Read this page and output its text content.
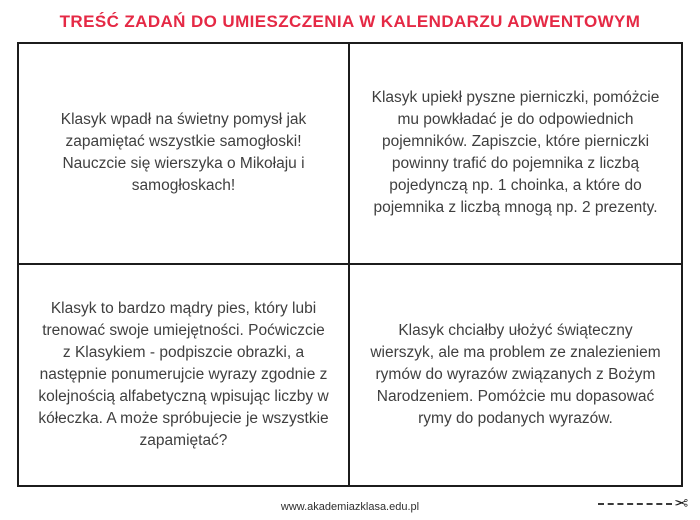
TREŚĆ ZADAŃ DO UMIESZCZENIA W KALENDARZU ADWENTOWYM
Klasyk wpadł na świetny pomysł jak zapamiętać wszystkie samogłoski! Nauczcie się wierszyka o Mikołaju i samogłoskach!
Klasyk upiekł pyszne pierniczki, pomóżcie mu powkładać je do odpowiednich pojemników. Zapiszcie, które pierniczki powinny trafić do pojemnika z liczbą pojedynczą np. 1 choinka, a które do pojemnika z liczbą mnogą np. 2 prezenty.
Klasyk to bardzo mądry pies, który lubi trenować swoje umiejętności. Poćwiczcie z Klasykiem - podpiszcie obrazki, a następnie ponumerujcie wyrazy zgodnie z kolejnością alfabetyczną wpisując liczby w kółeczka. A może spróbujecie je wszystkie zapamiętać?
Klasyk chciałby ułożyć świąteczny wierszyk, ale ma problem ze znalezieniem rymów do wyrazów związanych z Bożym Narodzeniem. Pomóżcie mu dopasować rymy do podanych wyrazów.
www.akademiazklasa.edu.pl	✂
